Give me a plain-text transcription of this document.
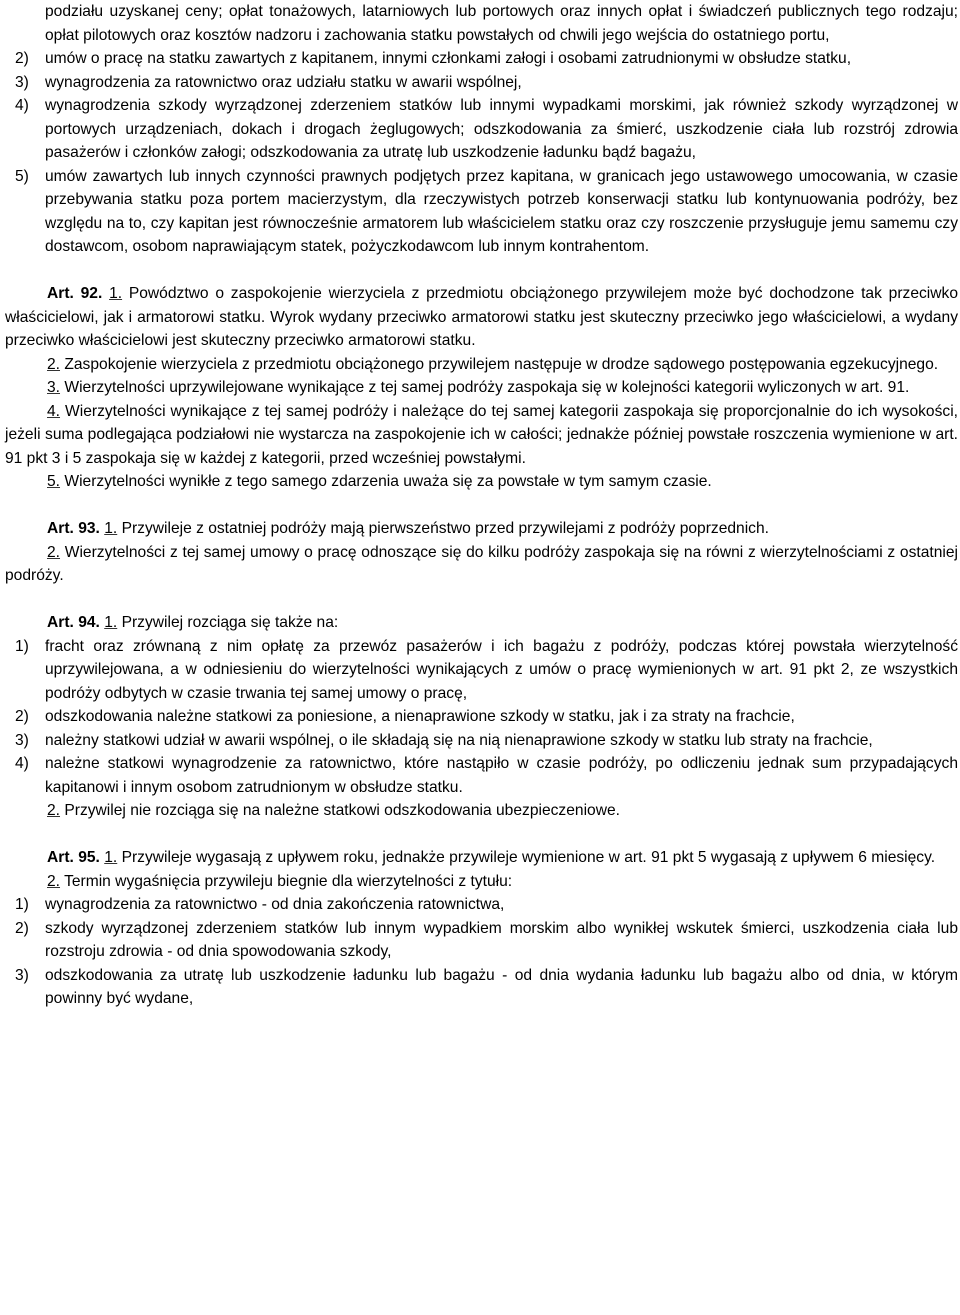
podziału uzyskanej ceny; opłat tonażowych, latarniowych lub portowych oraz innych opłat i świadczeń publicznych tego rodzaju; opłat pilotowych oraz kosztów nadzoru i zachowania statku powstałych od chwili jego wejścia do ostatniego portu,
2) umów o pracę na statku zawartych z kapitanem, innymi członkami załogi i osobami zatrudnionymi w obsłudze statku,
3) wynagrodzenia za ratownictwo oraz udziału statku w awarii wspólnej,
4) wynagrodzenia szkody wyrządzonej zderzeniem statków lub innymi wypadkami morskimi, jak również szkody wyrządzonej w portowych urządzeniach, dokach i drogach żeglugowych; odszkodowania za śmierć, uszkodzenie ciała lub rozstrój zdrowia pasażerów i członków załogi; odszkodowania za utratę lub uszkodzenie ładunku bądź bagażu,
5) umów zawartych lub innych czynności prawnych podjętych przez kapitana, w granicach jego ustawowego umocowania, w czasie przebywania statku poza portem macierzystym, dla rzeczywistych potrzeb konserwacji statku lub kontynuowania podróży, bez względu na to, czy kapitan jest równocześnie armatorem lub właścicielem statku oraz czy roszczenie przysługuje jemu samemu czy dostawcom, osobom naprawiającym statek, pożyczkodawcom lub innym kontrahentom.
Art. 92. 1. Powództwo o zaspokojenie wierzyciela z przedmiotu obciążonego przywilejem może być dochodzone tak przeciwko właścicielowi, jak i armatorowi statku. Wyrok wydany przeciwko armatorowi statku jest skuteczny przeciwko jego właścicielowi, a wydany przeciwko właścicielowi jest skuteczny przeciwko armatorowi statku.
2. Zaspokojenie wierzyciela z przedmiotu obciążonego przywilejem następuje w drodze sądowego postępowania egzekucyjnego.
3. Wierzytelności uprzywilejowane wynikające z tej samej podróży zaspokaja się w kolejności kategorii wyliczonych w art. 91.
4. Wierzytelności wynikające z tej samej podróży i należące do tej samej kategorii zaspokaja się proporcjonalnie do ich wysokości, jeżeli suma podlegająca podziałowi nie wystarcza na zaspokojenie ich w całości; jednakże później powstałe roszczenia wymienione w art. 91 pkt 3 i 5 zaspokaja się w każdej z kategorii, przed wcześniej powstałymi.
5. Wierzytelności wynikłe z tego samego zdarzenia uważa się za powstałe w tym samym czasie.
Art. 93. 1. Przywileje z ostatniej podróży mają pierwszeństwo przed przywilejami z podróży poprzednich.
2. Wierzytelności z tej samej umowy o pracę odnoszące się do kilku podróży zaspokaja się na równi z wierzytelnościami z ostatniej podróży.
Art. 94. 1. Przywilej rozciąga się także na:
1) fracht oraz zrównaną z nim opłatę za przewóz pasażerów i ich bagażu z podróży, podczas której powstała wierzytelność uprzywilejowana, a w odniesieniu do wierzytelności wynikających z umów o pracę wymienionych w art. 91 pkt 2, ze wszystkich podróży odbytych w czasie trwania tej samej umowy o pracę,
2) odszkodowania należne statkowi za poniesione, a nienaprawione szkody w statku, jak i za straty na frachcie,
3) należny statkowi udział w awarii wspólnej, o ile składają się na nią nienaprawione szkody w statku lub straty na frachcie,
4) należne statkowi wynagrodzenie za ratownictwo, które nastąpiło w czasie podróży, po odliczeniu jednak sum przypadających kapitanowi i innym osobom zatrudnionym w obsłudze statku.
2. Przywilej nie rozciąga się na należne statkowi odszkodowania ubezpieczeniowe.
Art. 95. 1. Przywileje wygasają z upływem roku, jednakże przywileje wymienione w art. 91 pkt 5 wygasają z upływem 6 miesięcy.
2. Termin wygaśnięcia przywileju biegnie dla wierzytelności z tytułu:
1) wynagrodzenia za ratownictwo - od dnia zakończenia ratownictwa,
2) szkody wyrządzonej zderzeniem statków lub innym wypadkiem morskim albo wynikłej wskutek śmierci, uszkodzenia ciała lub rozstroju zdrowia - od dnia spowodowania szkody,
3) odszkodowania za utratę lub uszkodzenie ładunku lub bagażu - od dnia wydania ładunku lub bagażu albo od dnia, w którym powinny być wydane,
